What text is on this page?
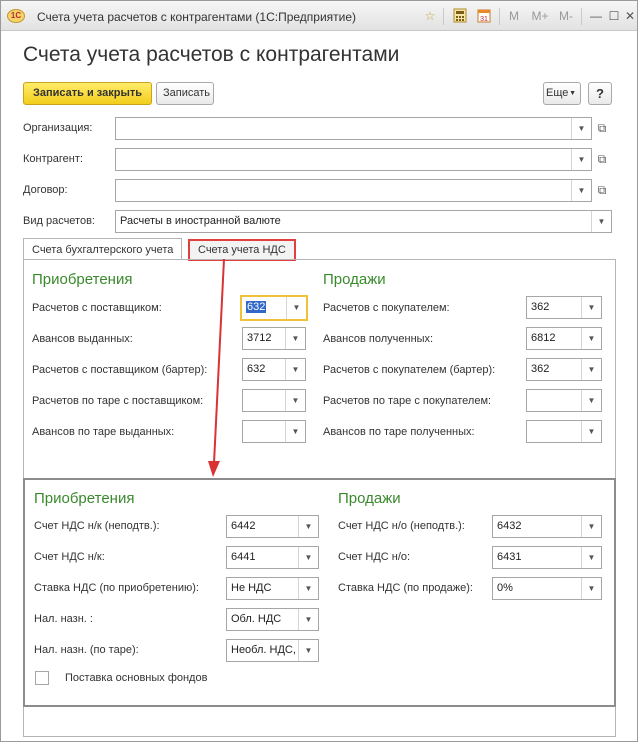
1С	Счета учета расчетов с контрагентами (1С:Предприятие)	☆	31	M	M+ M-	— ☐ ✕
Счета учета расчетов с контрагентами
Записать и закрыть	Записать	Еще ▼	?
Организация:	▼	⧉
Контрагент:	▼	⧉
Договор:	▼	⧉
Вид расчетов:	Расчеты в иностранной валюте	▼
Счета бухгалтерского учета	Счета учета НДС
Приобретения	Продажи
Расчетов с поставщиком:	632	▼
Авансов выданных:	3712	▼
Расчетов с поставщиком (бартер):	632	▼
Расчетов по таре с поставщиком:	▼
Авансов по таре выданных:	▼
Расчетов с покупателем:	362	▼
Авансов полученных:	6812	▼
Расчетов с покупателем (бартер):	362	▼
Расчетов по таре с покупателем:	▼
Авансов по таре полученных:	▼
Приобретения	Продажи
Счет НДС н/к (неподтв.):	6442	▼
Счет НДС н/к:	6441	▼
Ставка НДС (по приобретению):	Не НДС	▼
Нал. назн. :	Обл. НДС	▼
Нал. назн. (по таре):	Необл. НДС,	▼
Счет НДС н/о (неподтв.):	6432	▼
Счет НДС н/о:	6431	▼
Ставка НДС (по продаже):	0%	▼
Поставка основных фондов
